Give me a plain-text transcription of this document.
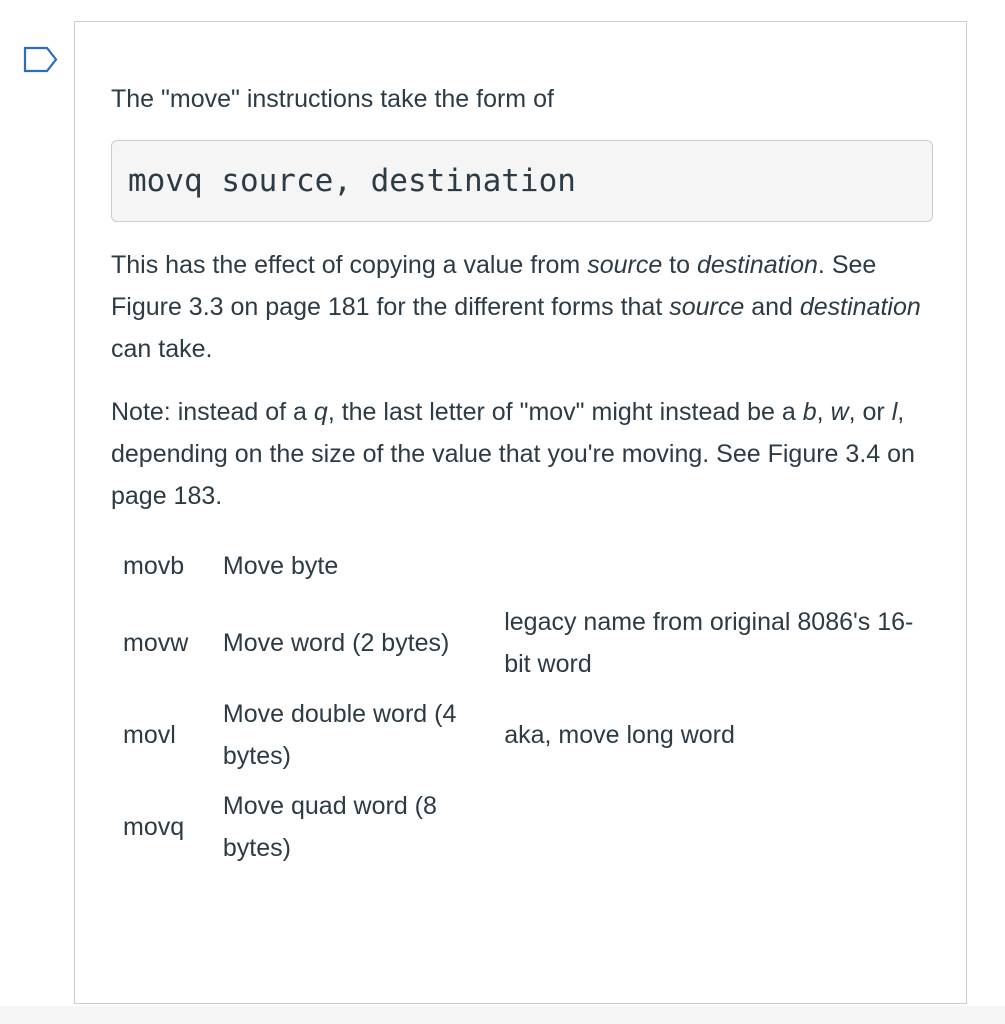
The "move" instructions take the form of

movq source, destination

This has the effect of copying a value from source to destination. See Figure 3.3 on page 181 for the different forms that source and destination can take.

Note: instead of a q, the last letter of "mov" might instead be a b, w, or l, depending on the size of the value that you're moving. See Figure 3.4 on page 183.

movb	Move byte	
movw	Move word (2 bytes)	legacy name from original 8086's 16-bit word
movl	Move double word (4 bytes)	aka, move long word
movq	Move quad word (8 bytes)	
